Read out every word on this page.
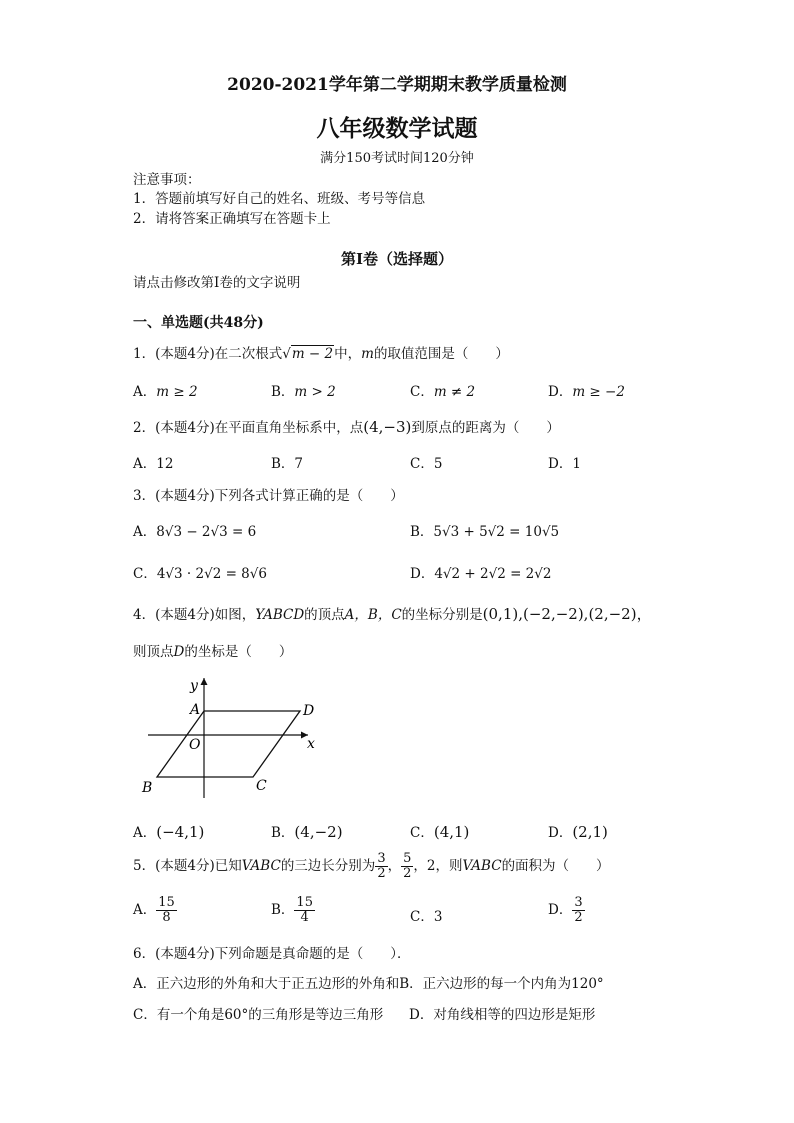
2020-2021学年第二学期期末教学质量检测
八年级数学试题
满分150考试时间120分钟
注意事项：
1．答题前填写好自己的姓名、班级、考号等信息
2．请将答案正确填写在答题卡上
第I卷（选择题）
请点击修改第I卷的文字说明
一、单选题(共48分)
1．(本题4分)在二次根式√m − 2中，m的取值范围是（　　）
A．m ≥ 2	B．m > 2	C．m ≠ 2	D．m ≥ −2
2．(本题4分)在平面直角坐标系中，点(4,−3)到原点的距离为（　　）
A．12	B．7	C．5	D．1
3．(本题4分)下列各式计算正确的是（　　）
A．8√3 − 2√3 = 6	B．5√3 + 5√2 = 10√5
C．4√3 · 2√2 = 8√6	D．4√2 + 2√2 = 2√2
4．(本题4分)如图，YABCD的顶点A，B，C的坐标分别是(0,1),(−2,−2),(2,−2)，
则顶点D的坐标是（　　）
y
x
O
A	D
B	C
A．(−4,1)	B．(4,−2)	C．(4,1)	D．(2,1)
5．(本题4分)已知VABC的三边长分别为 $\frac{3}{2}$ ， $\frac{5}{2}$ ，2，则VABC的面积为（　　）
A． $\frac{15}{8}$	B． $\frac{15}{4}$	C．3	D． $\frac{3}{2}$
6．(本题4分)下列命题是真命题的是（　　）．
A．正六边形的外角和大于正五边形的外角和B．正六边形的每一个内角为120°
C．有一个角是60°的三角形是等边三角形 D．对角线相等的四边形是矩形
